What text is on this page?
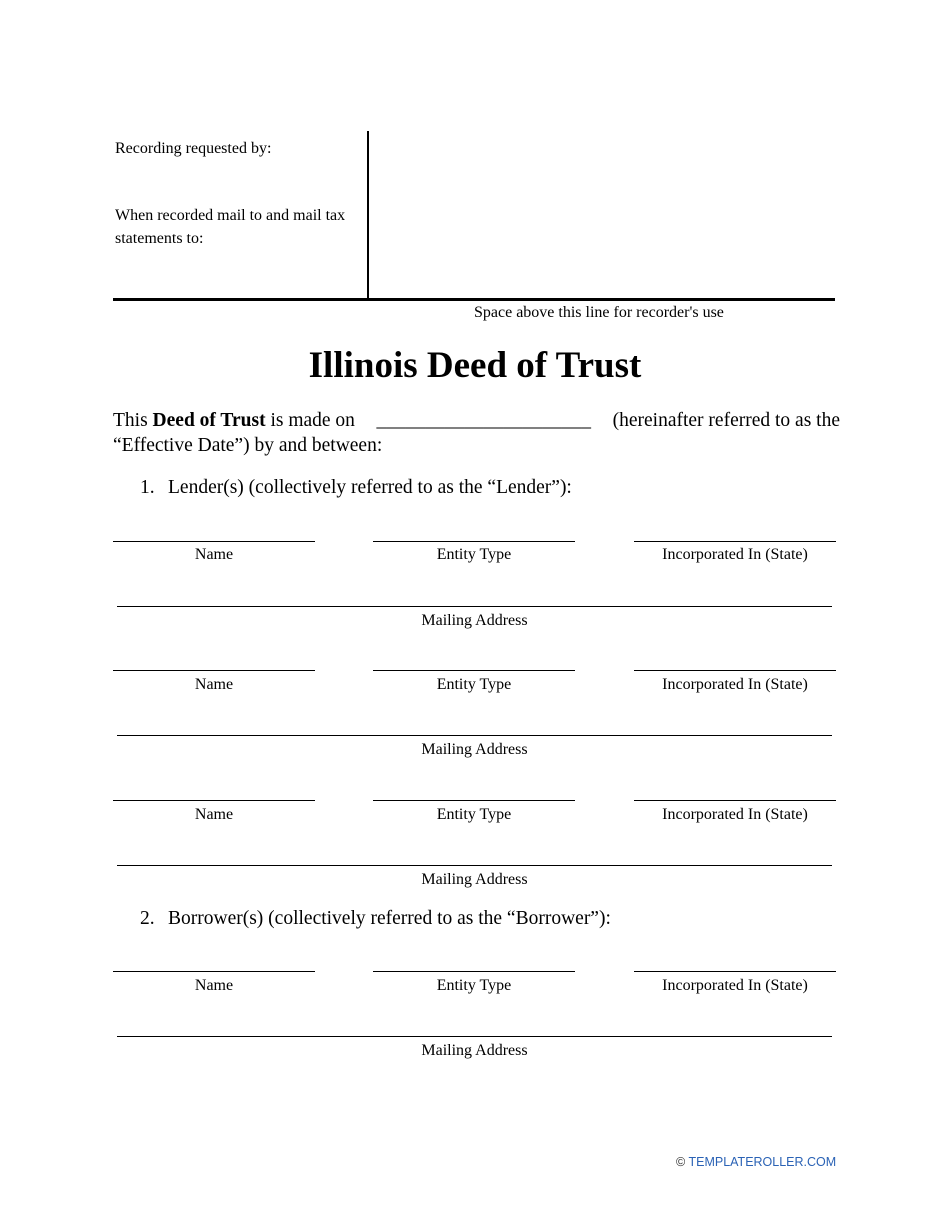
Recording requested by:
When recorded mail to and mail tax
statements to:
Space above this line for recorder's use
Illinois Deed of Trust
This Deed of Trust is made on ______________________ (hereinafter referred to as the
“Effective Date”) by and between:
1. Lender(s) (collectively referred to as the “Lender”):
Name	Entity Type	Incorporated In (State)
Mailing Address
Name	Entity Type	Incorporated In (State)
Mailing Address
Name	Entity Type	Incorporated In (State)
Mailing Address
2. Borrower(s) (collectively referred to as the “Borrower”):
Name	Entity Type	Incorporated In (State)
Mailing Address
© TEMPLATEROLLER.COM
